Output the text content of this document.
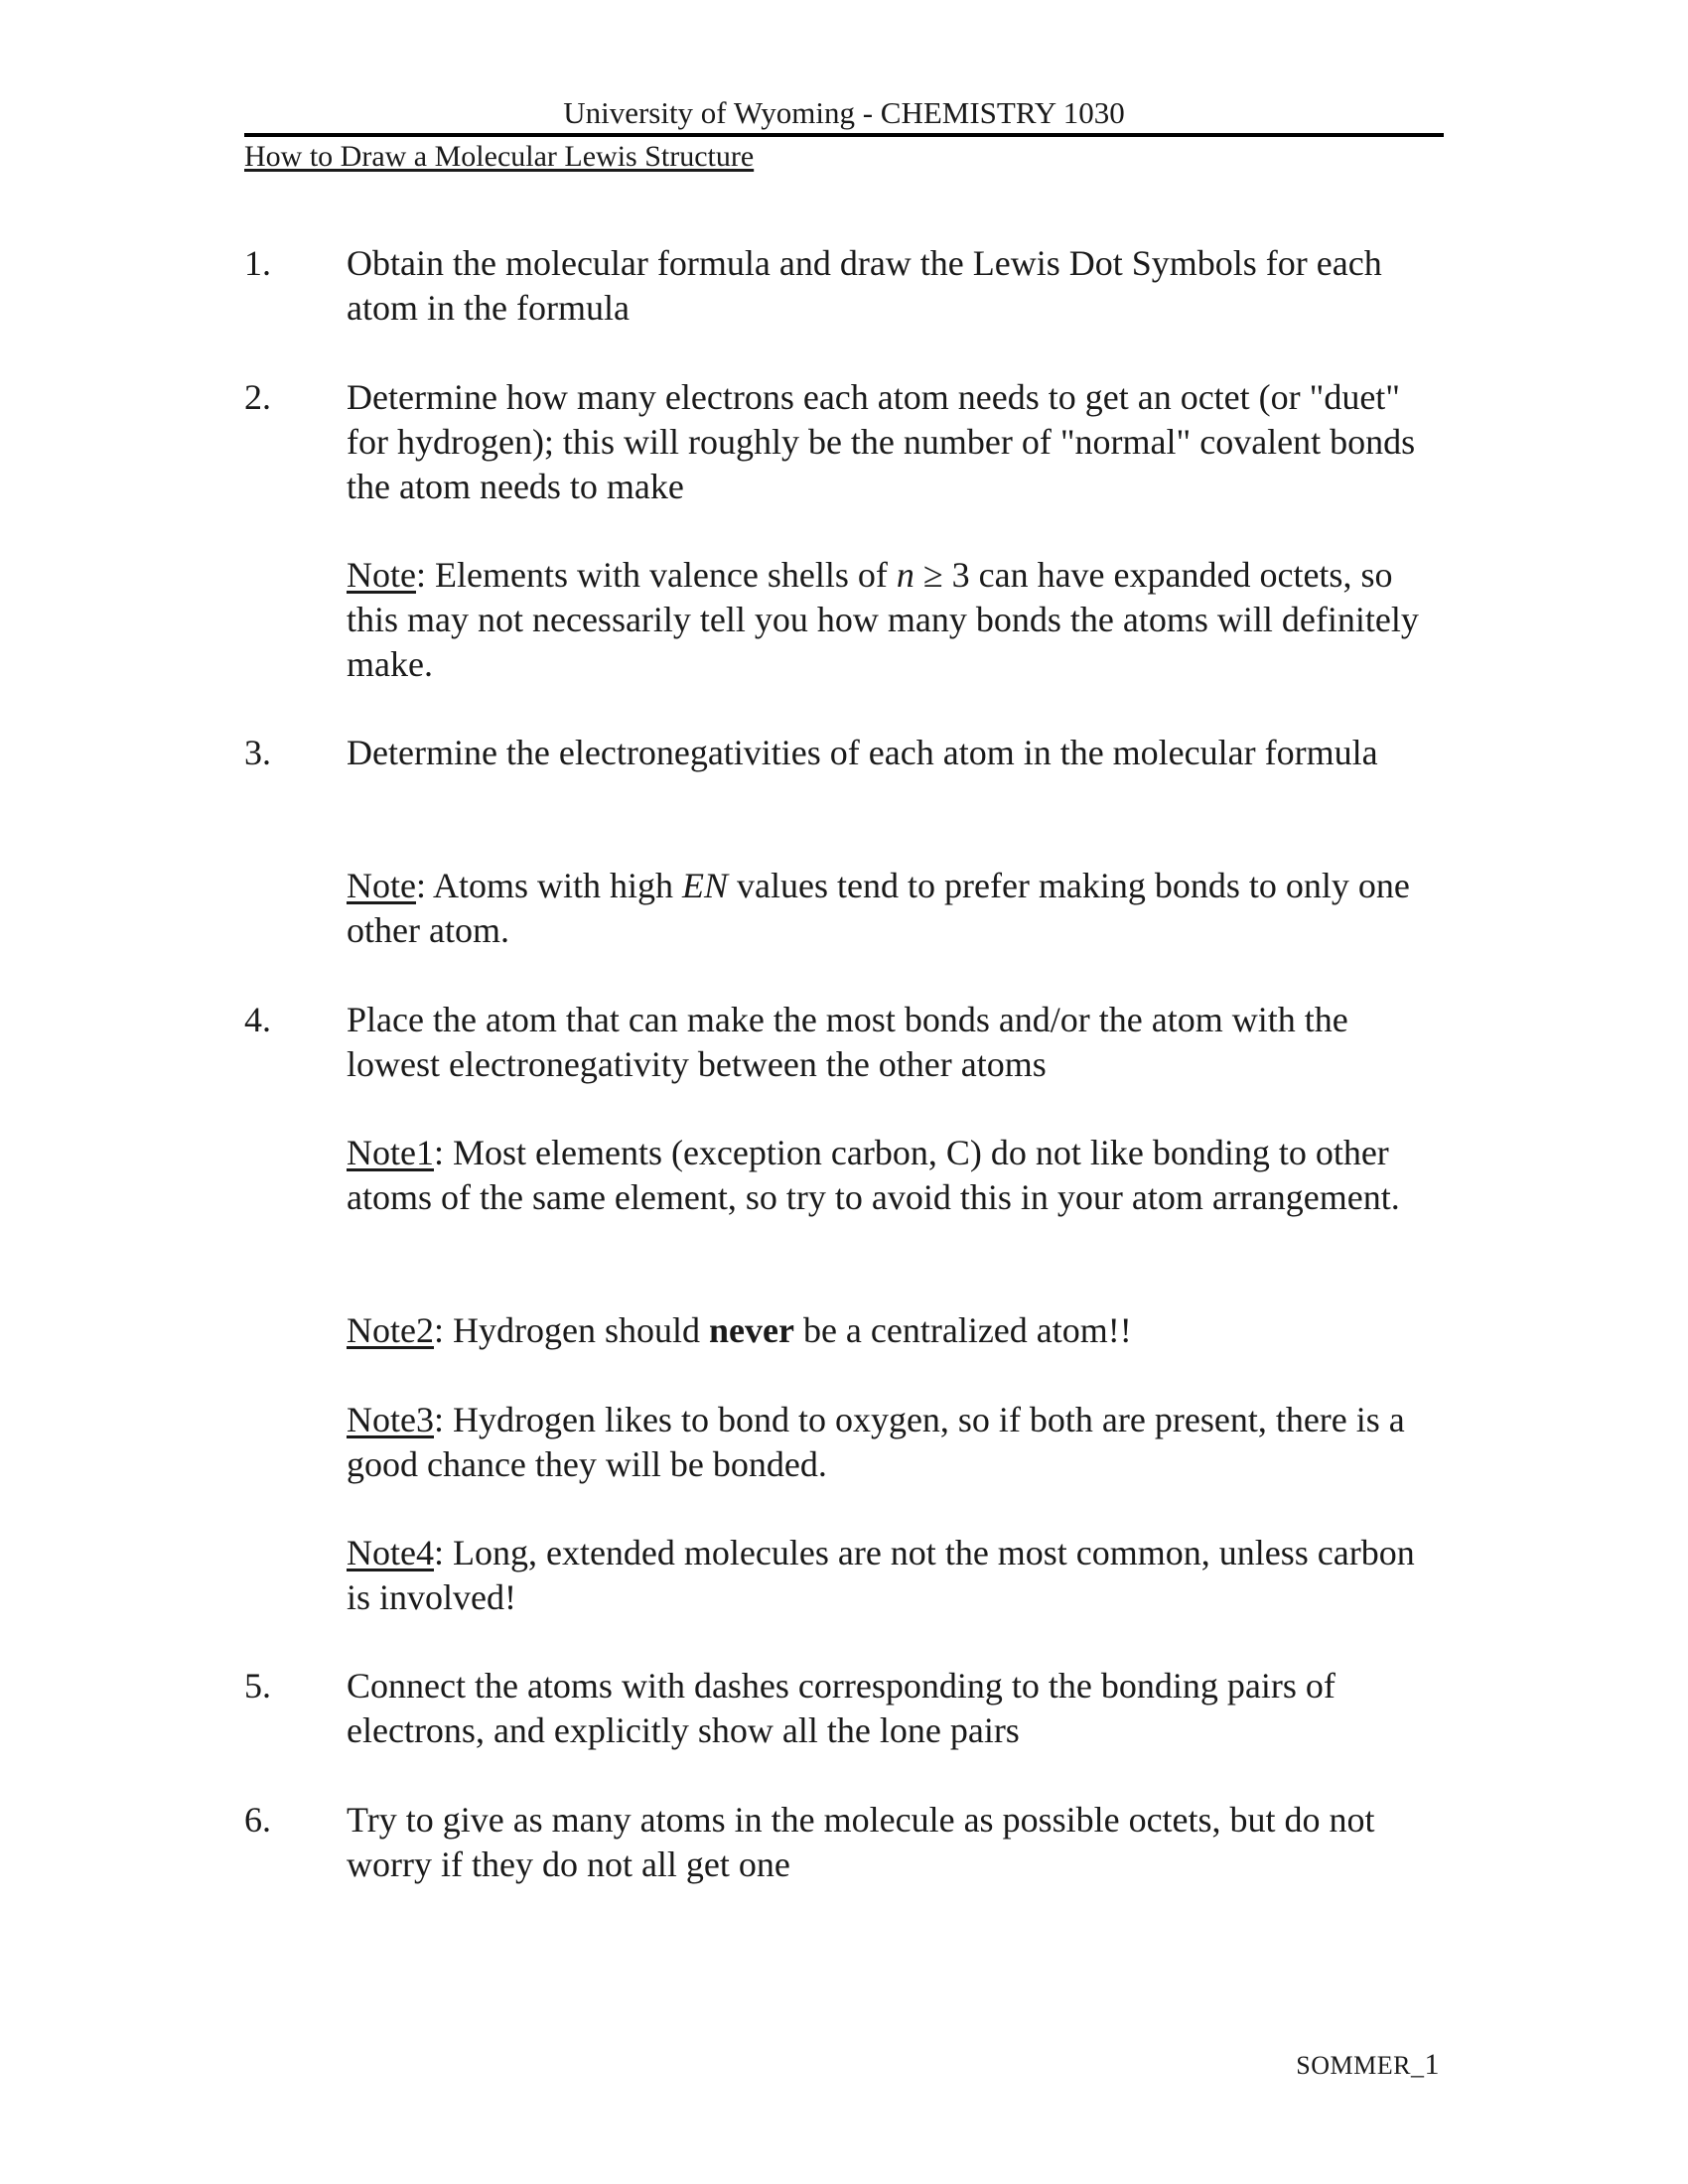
University of Wyoming - CHEMISTRY 1030
How to Draw a Molecular Lewis Structure
1. Obtain the molecular formula and draw the Lewis Dot Symbols for each atom in the formula
2. Determine how many electrons each atom needs to get an octet (or "duet" for hydrogen); this will roughly be the number of "normal" covalent bonds the atom needs to make
Note: Elements with valence shells of n ≥ 3 can have expanded octets, so this may not necessarily tell you how many bonds the atoms will definitely make.
3. Determine the electronegativities of each atom in the molecular formula
Note: Atoms with high EN values tend to prefer making bonds to only one other atom.
4. Place the atom that can make the most bonds and/or the atom with the lowest electronegativity between the other atoms
Note1: Most elements (exception carbon, C) do not like bonding to other atoms of the same element, so try to avoid this in your atom arrangement.
Note2: Hydrogen should never be a centralized atom!!
Note3: Hydrogen likes to bond to oxygen, so if both are present, there is a good chance they will be bonded.
Note4: Long, extended molecules are not the most common, unless carbon is involved!
5. Connect the atoms with dashes corresponding to the bonding pairs of electrons, and explicitly show all the lone pairs
6. Try to give as many atoms in the molecule as possible octets, but do not worry if they do not all get one
SOMMER_1
